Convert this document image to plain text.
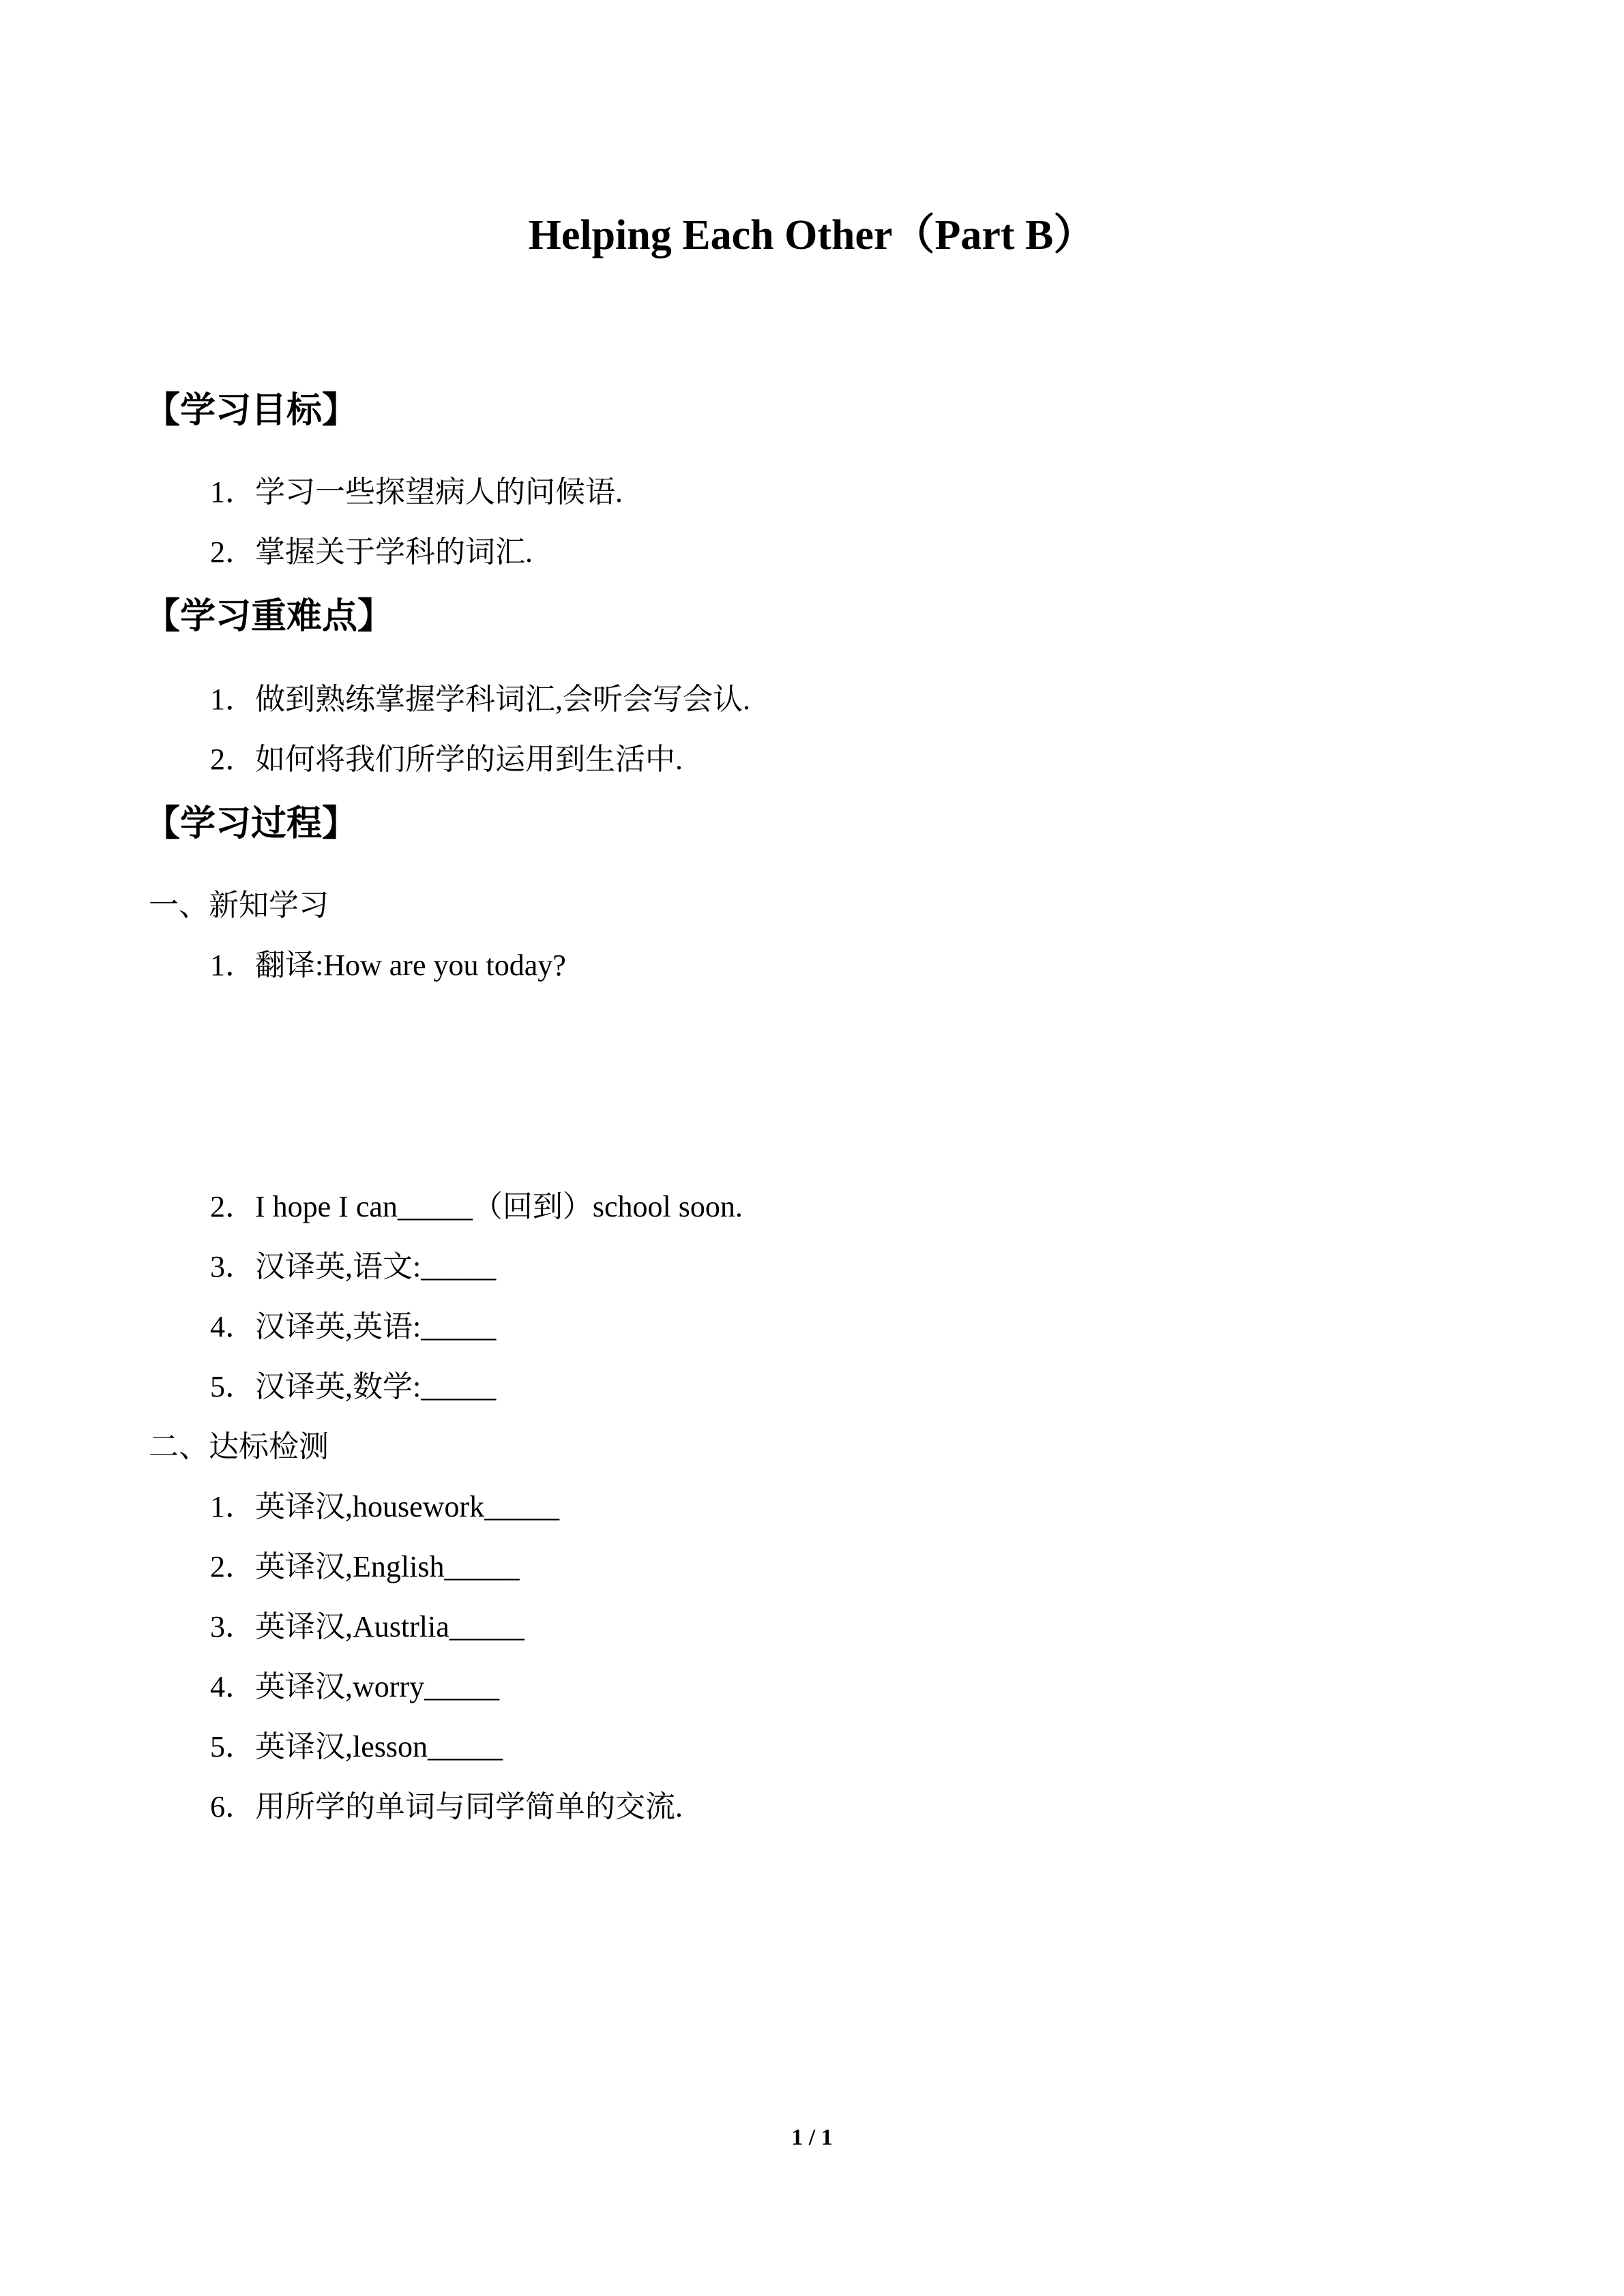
Helping Each Other（Part B）
【学习目标】
1．学习一些探望病人的问候语.
2．掌握关于学科的词汇.
【学习重难点】
1．做到熟练掌握学科词汇,会听会写会认.
2．如何将我们所学的运用到生活中.
【学习过程】
一、新知学习
1．翻译:How are you today?
2．I hope I can_____（回到）school soon.
3．汉译英,语文:_____
4．汉译英,英语:_____
5．汉译英,数学:_____
二、达标检测
1．英译汉,housework_____
2．英译汉,English_____
3．英译汉,Austrlia_____
4．英译汉,worry_____
5．英译汉,lesson_____
6．用所学的单词与同学简单的交流.
1 / 1
